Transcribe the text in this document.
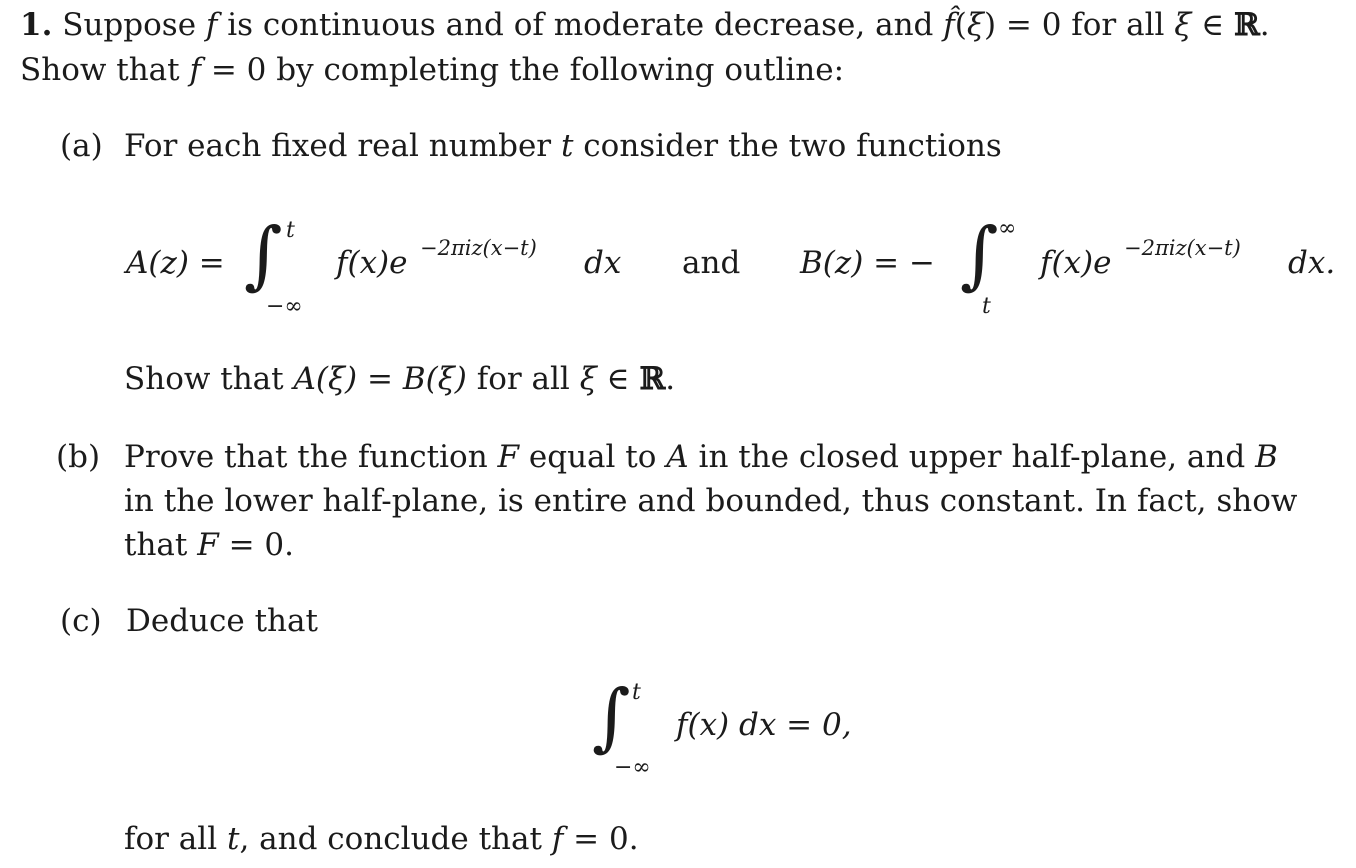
1. Suppose f is continuous and of moderate decrease, and f̂(ξ) = 0 for all ξ ∈ ℝ.
Show that f = 0 by completing the following outline:
(a) For each fixed real number t consider the two functions
A(z) = ∫ t
−∞
f(x)e −2πiz(x−t) dx and B(z) = − ∫ ∞
t
f(x)e −2πiz(x−t) dx.
Show that A(ξ) = B(ξ) for all ξ ∈ ℝ.
(b) Prove that the function F equal to A in the closed upper half-plane, and B
in the lower half-plane, is entire and bounded, thus constant. In fact, show
that F = 0.
(c) Deduce that
∫ t
−∞
f(x) dx = 0,
for all t, and conclude that f = 0.
